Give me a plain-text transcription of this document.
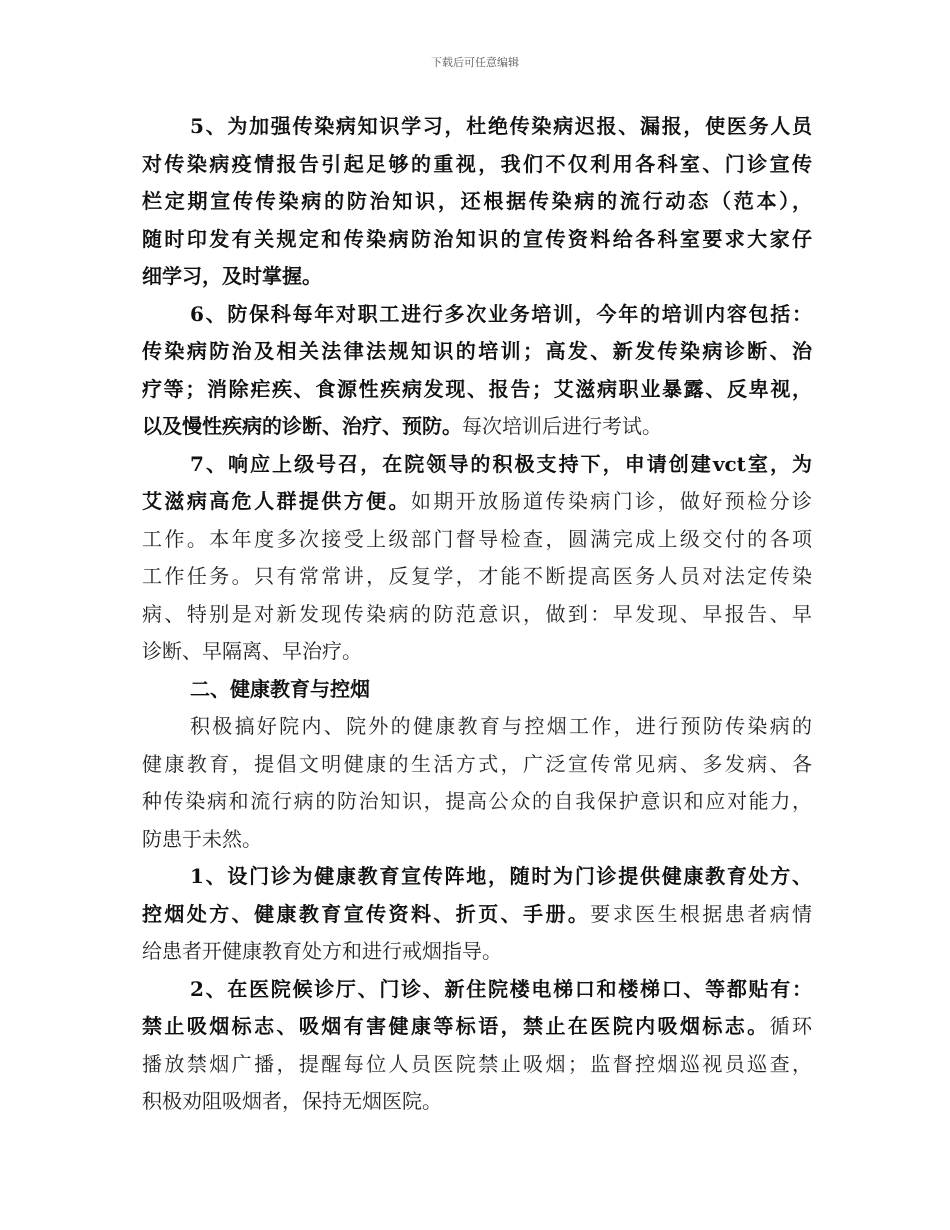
下载后可任意编辑
5、为加强传染病知识学习，杜绝传染病迟报、漏报，使医务人员
对传染病疫情报告引起足够的重视，我们不仅利用各科室、门诊宣传
栏定期宣传传染病的防治知识，还根据传染病的流行动态（范本），
随时印发有关规定和传染病防治知识的宣传资料给各科室要求大家仔
细学习，及时掌握。
6、防保科每年对职工进行多次业务培训，今年的培训内容包括：
传染病防治及相关法律法规知识的培训；高发、新发传染病诊断、治
疗等；消除疟疾、食源性疾病发现、报告；艾滋病职业暴露、反卑视，
以及慢性疾病的诊断、治疗、预防。每次培训后进行考试。
7、响应上级号召，在院领导的积极支持下，申请创建vct室，为
艾滋病高危人群提供方便。如期开放肠道传染病门诊，做好预检分诊
工作。本年度多次接受上级部门督导检查，圆满完成上级交付的各项
工作任务。只有常常讲，反复学，才能不断提高医务人员对法定传染
病、特别是对新发现传染病的防范意识，做到：早发现、早报告、早
诊断、早隔离、早治疗。
二、健康教育与控烟
积极搞好院内、院外的健康教育与控烟工作，进行预防传染病的
健康教育，提倡文明健康的生活方式，广泛宣传常见病、多发病、各
种传染病和流行病的防治知识，提高公众的自我保护意识和应对能力，
防患于未然。
1、设门诊为健康教育宣传阵地，随时为门诊提供健康教育处方、
控烟处方、健康教育宣传资料、折页、手册。要求医生根据患者病情
给患者开健康教育处方和进行戒烟指导。
2、在医院候诊厅、门诊、新住院楼电梯口和楼梯口、等都贴有：
禁止吸烟标志、吸烟有害健康等标语，禁止在医院内吸烟标志。循环
播放禁烟广播，提醒每位人员医院禁止吸烟；监督控烟巡视员巡查，
积极劝阻吸烟者，保持无烟医院。
